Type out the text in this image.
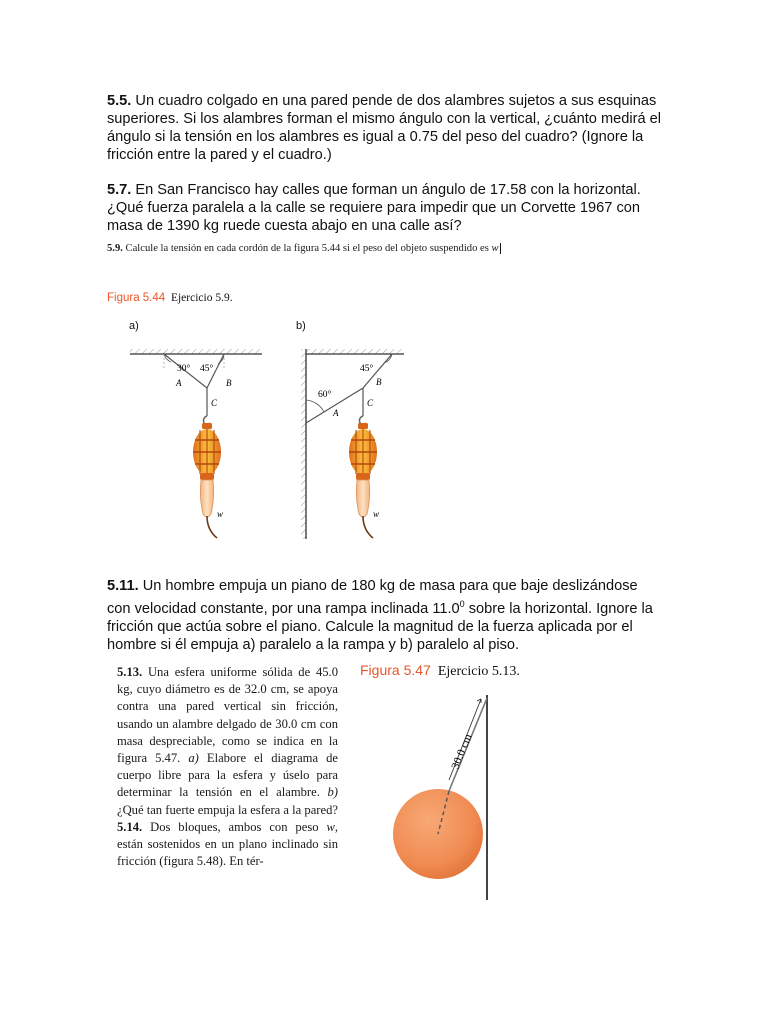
5.5. Un cuadro colgado en una pared pende de dos alambres sujetos a sus esquinas superiores. Si los alambres forman el mismo ángulo con la vertical, ¿cuánto medirá el ángulo si la tensión en los alambres es igual a 0.75 del peso del cuadro? (Ignore la fricción entre la pared y el cuadro.)

5.7. En San Francisco hay calles que forman un ángulo de 17.58 con la horizontal. ¿Qué fuerza paralela a la calle se requiere para impedir que un Corvette 1967 con masa de 1390 kg ruede cuesta abajo en una calle así?

5.9. Calcule la tensión en cada cordón de la figura 5.44 si el peso del objeto suspendido es w
Figura 5.44 Ejercicio 5.9.
a)	b)
30° 45°
A	B
C
w
45°
60°
A
B
C
w

5.11. Un hombre empuja un piano de 180 kg de masa para que baje deslizándose con velocidad constante, por una rampa inclinada 11.0$^0$ sobre la horizontal. Ignore la fricción que actúa sobre el piano. Calcule la magnitud de la fuerza aplicada por el hombre si él empuja a) paralelo a la rampa y b) paralelo al piso.

5.13. Una esfera uniforme sólida de 45.0 kg, cuyo diámetro es de 32.0 cm, se apoya contra una pared vertical sin fricción, usando un alambre delgado de 30.0 cm con masa despreciable, como se indica en la figura 5.47. a) Elabore el diagrama de cuerpo libre para la esfera y úselo para determinar la tensión en el alambre. b) ¿Qué tan fuerte empuja la esfera a la pared?

5.14. Dos bloques, ambos con peso w, están sostenidos en un plano inclinado sin fricción (figura 5.48). En tér-

Figura 5.47 Ejercicio 5.13.
30.0 cm
